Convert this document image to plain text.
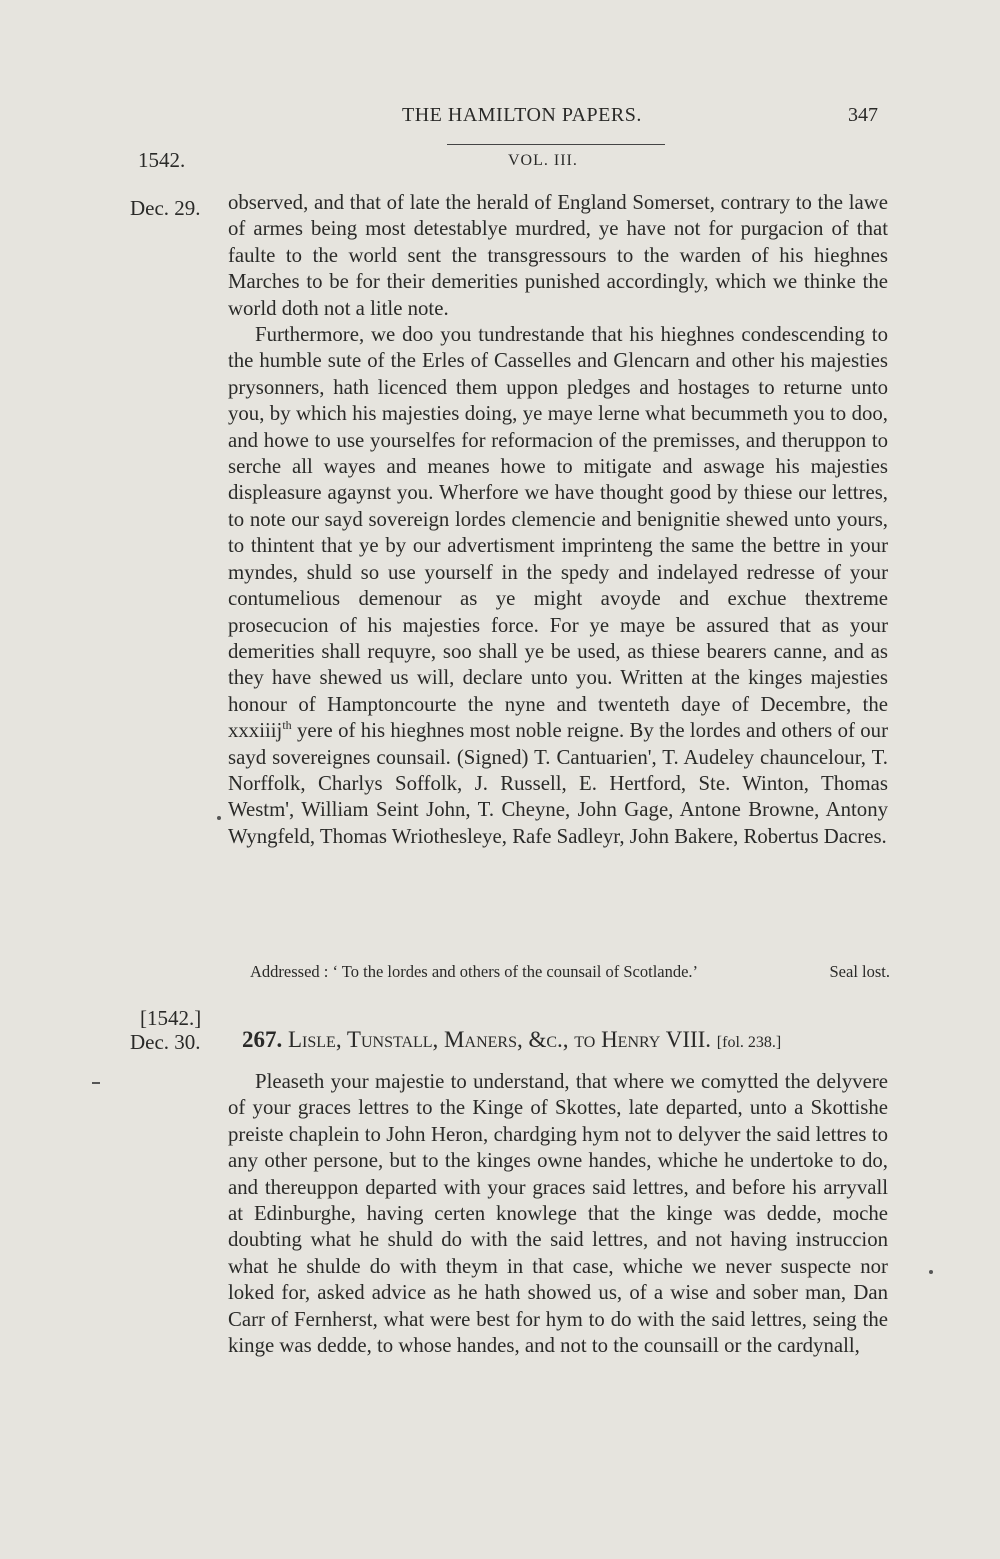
THE HAMILTON PAPERS.	347
1542.	VOL. III.
Dec. 29. observed, and that of late the herald of England Somerset, contrary to the lawe of armes being most detestablye murdred, ye have not for purgacion of that faulte to the world sent the transgressours to the warden of his hieghnes Marches to be for their demerities punished accordingly, which we thinke the world doth not a litle note.

Furthermore, we doo you tundrestande that his hieghnes condescending to the humble sute of the Erles of Casselles and Glencarn and other his majesties prysonners, hath licenced them uppon pledges and hostages to returne unto you, by which his majesties doing, ye maye lerne what becummeth you to doo, and howe to use yourselfes for reformacion of the premisses, and theruppon to serche all wayes and meanes howe to mitigate and aswage his majesties displeasure agaynst you. Wherfore we have thought good by thiese our lettres, to note our sayd sovereign lordes clemencie and benignitie shewed unto yours, to thintent that ye by our advertisment imprinteng the same the bettre in your myndes, shuld so use yourself in the spedy and indelayed redresse of your contumelious demenour as ye might avoyde and exchue thextreme prosecucion of his majesties force. For ye maye be assured that as your demerities shall requyre, soo shall ye be used, as thiese bearers canne, and as they have shewed us will, declare unto you. Written at the kinges majesties honour of Hamptoncourte the nyne and twenteth daye of Decembre, the xxxiiij$^{th}$ yere of his hieghnes most noble reigne. By the lordes and others of our sayd sovereignes counsail. (Signed) T. Cantuarien', T. Audeley chauncelour, T. Norffolk, Charlys Soffolk, J. Russell, E. Hertford, Ste. Winton, Thomas Westm', William Seint John, T. Cheyne, John Gage, Antone Browne, Antony Wyngfeld, Thomas Wriothesleye, Rafe Sadleyr, John Bakere, Robertus Dacres.

Addressed : ‘ To the lordes and others of the counsail of Scotlande.’	Seal lost.
[1542.]
Dec. 30. 267. Lisle, Tunstall, Maners, &c., to Henry VIII. [fol. 238.]

Pleaseth your majestie to understand, that where we comytted the delyvere of your graces lettres to the Kinge of Skottes, late departed, unto a Skottishe preiste chaplein to John Heron, chardging hym not to delyver the said lettres to any other persone, but to the kinges owne handes, whiche he undertoke to do, and thereuppon departed with your graces said lettres, and before his arryvall at Edinburghe, having certen knowlege that the kinge was dedde, moche doubting what he shuld do with the said lettres, and not having instruccion what he shulde do with theym in that case, whiche we never suspecte nor loked for, asked advice as he hath showed us, of a wise and sober man, Dan Carr of Fernherst, what were best for hym to do with the said lettres, seing the kinge was dedde, to whose handes, and not to the counsaill or the cardynall,
